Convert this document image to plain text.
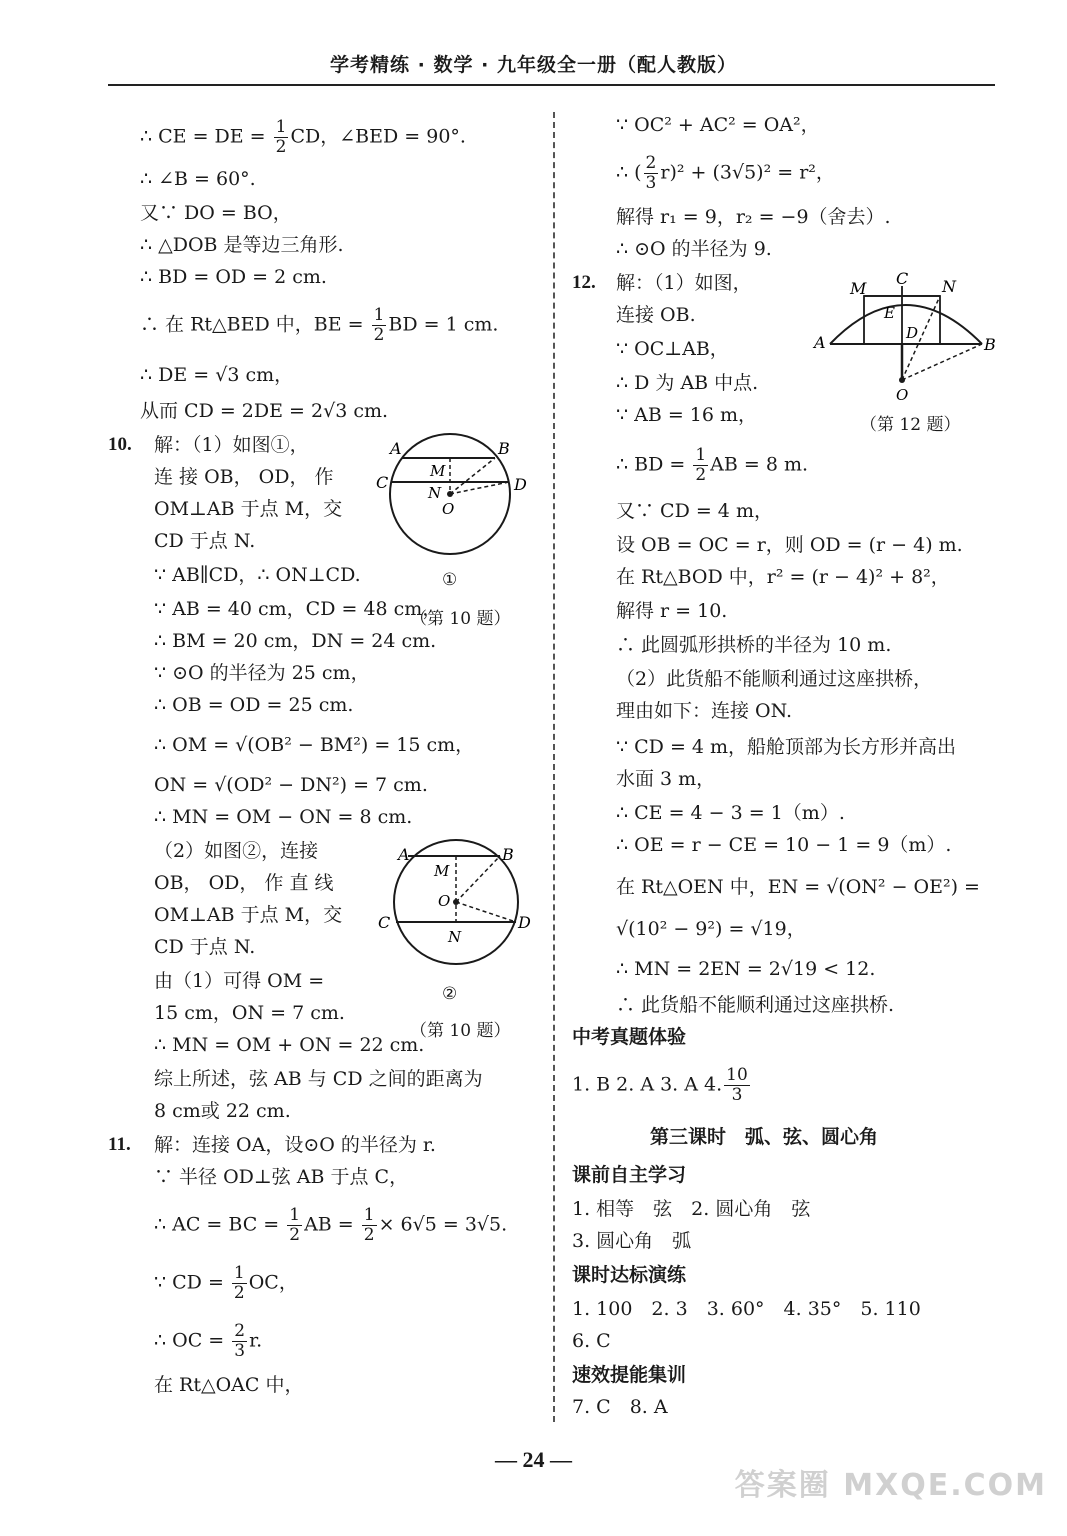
学考精练 · 数学 · 九年级全一册（配人教版）
∴ CE = DE = $\frac{1}{2}$ CD，∠BED = 90°.
∴ ∠B = 60°.
又∵ DO = BO，
∴ △DOB 是等边三角形.
∴ BD = OD = 2 cm.
∴ 在 Rt△BED 中，BE = $\frac{1}{2}$ BD = 1 cm.
∴ DE = √3 cm，
从而 CD = 2DE = 2√3 cm.
10. 解：（1）如图①，
连 接 OB， OD， 作
OM⊥AB 于点 M，交
CD 于点 N.
∵ AB∥CD，∴ ON⊥CD.
∵ AB = 40 cm，CD = 48 cm，
∴ BM = 20 cm，DN = 24 cm.
∵ ⊙O 的半径为 25 cm，
∴ OB = OD = 25 cm.
∴ OM = √(OB² − BM²) = 15 cm，
ON = √(OD² − DN²) = 7 cm.
∴ MN = OM − ON = 8 cm.
（2）如图②，连接
OB， OD， 作 直 线
OM⊥AB 于点 M，交
CD 于点 N.
由（1）可得 OM =
15 cm，ON = 7 cm.
∴ MN = OM + ON = 22 cm.
综上所述，弦 AB 与 CD 之间的距离为
8 cm或 22 cm.
11. 解：连接 OA，设⊙O 的半径为 r.
∵ 半径 OD⊥弦 AB 于点 C，
∴ AC = BC = $\frac{1}{2}$ AB = $\frac{1}{2} \times 6√5 = 3√5$.
∵ CD = $\frac{1}{2}$ OC，
∴ OC = $\frac{2}{3} r$.
在 Rt△OAC 中，
A	B
C	D
M
N
O
①
（第 10 题）
A	B
C	D
M
O
N
②
（第 10 题）
∵ OC² + AC² = OA²，
∴ ( $\frac{2}{3} r)^2 + (3√5)^2 = r^2$，
解得 r₁ = 9，r₂ = −9（舍去）.
∴ ⊙O 的半径为 9.
12. 解：（1）如图，
连接 OB.
∵ OC⊥AB，
∴ D 为 AB 中点.
∵ AB = 16 m，
∴ BD = $\frac{1}{2}$ AB = 8 m.
又∵ CD = 4 m，
设 OB = OC = r，则 OD = (r − 4) m.
在 Rt△BOD 中，r² = (r − 4)² + 8²，
解得 r = 10.
∴ 此圆弧形拱桥的半径为 10 m.
（2）此货船不能顺利通过这座拱桥，
理由如下：连接 ON.
∵ CD = 4 m，船舱顶部为长方形并高出
水面 3 m，
∴ CE = 4 − 3 = 1（m）.
∴ OE = r − CE = 10 − 1 = 9（m）.
在 Rt△OEN 中，EN = √(ON² − OE²) =
√(10² − 9²) = √19，
∴ MN = 2EN = 2√19 < 12.
∴ 此货船不能顺利通过这座拱桥.
A	B
C
M	N
E
D
O
（第 12 题）
中考真题体验
1. B 2. A 3. A 4. $\frac{10}{3}$
第三课时　弧、弦、圆心角
课前自主学习
1. 相等　弦　2. 圆心角　弦
3. 圆心角　弧
课时达标演练
1. 100　2. 3　3. 60°　4. 35°　5. 110
6. C
速效提能集训
7. C　8. A
— 24 —
答案圈 MXQE.COM
